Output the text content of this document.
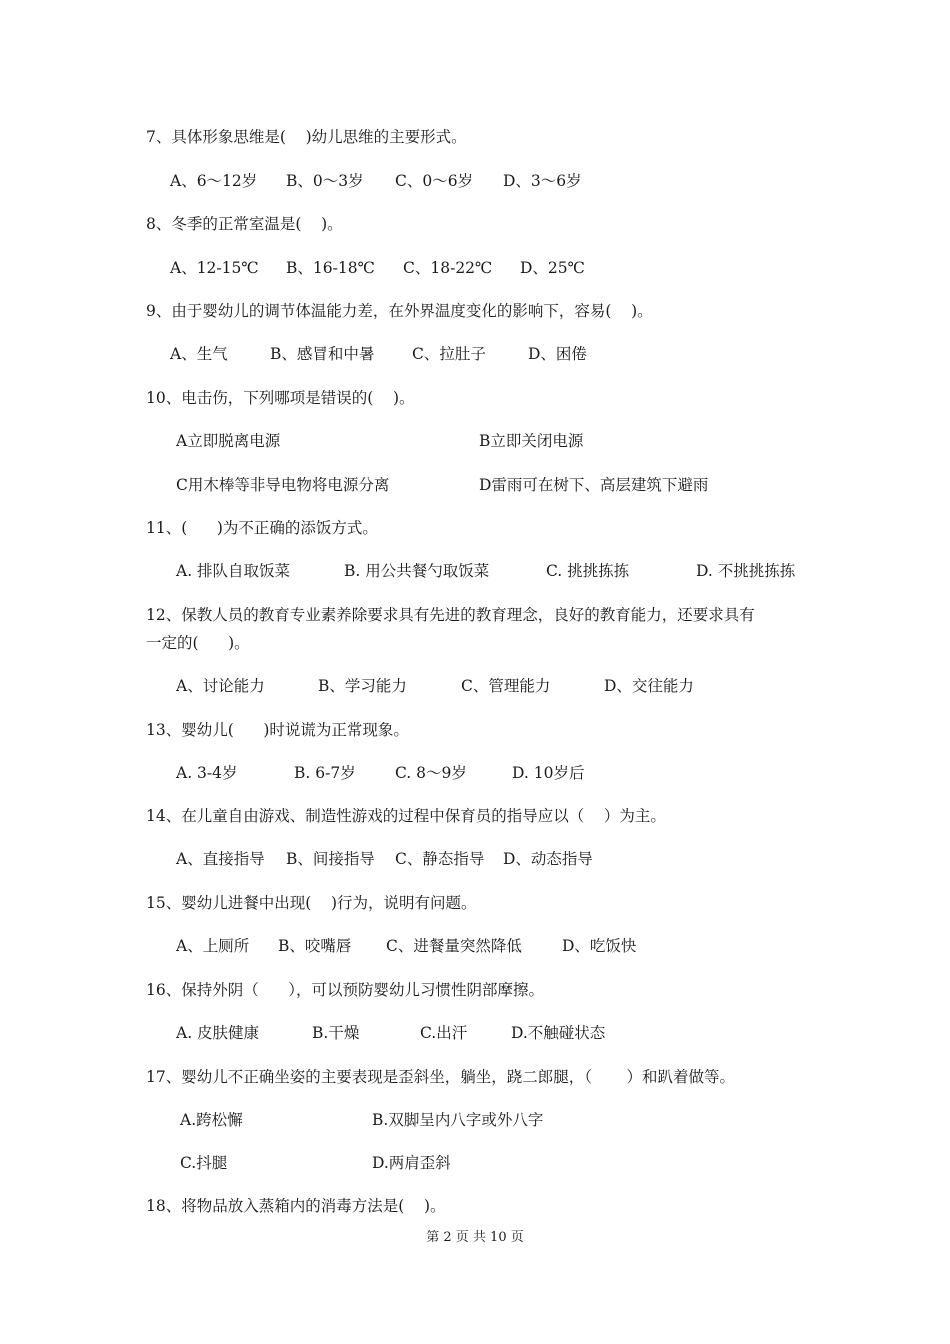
7、具体形象思维是(    )幼儿思维的主要形式。
A、6～12岁 B、0～3岁 C、0～6岁 D、3～6岁
8、冬季的正常室温是(    )。
A、12-15℃ B、16-18℃ C、18-22℃ D、25℃
9、由于婴幼儿的调节体温能力差，在外界温度变化的影响下，容易(    )。
A、生气	B、感冒和中暑 C、拉肚子	D、困倦
10、电击伤，下列哪项是错误的(    )。
A立即脱离电源	B立即关闭电源
C用木棒等非导电物将电源分离	D雷雨可在树下、高层建筑下避雨
11、(      )为不正确的添饭方式。
A. 排队自取饭菜	B. 用公共餐勺取饭菜	C. 挑挑拣拣	D. 不挑挑拣拣
12、保教人员的教育专业素养除要求具有先进的教育理念，良好的教育能力，还要求具有
一定的(      )。
A、讨论能力	B、学习能力	C、管理能力	D、交往能力
13、婴幼儿(      )时说谎为正常现象。
A. 3-4岁	B. 6-7岁	C. 8～9岁	D. 10岁后
14、在儿童自由游戏、制造性游戏的过程中保育员的指导应以（    ）为主。
A、直接指导 B、间接指导 C、静态指导 D、动态指导
15、婴幼儿进餐中出现(    )行为，说明有问题。
A、上厕所 B、咬嘴唇 C、进餐量突然降低	D、吃饭快
16、保持外阴（      ），可以预防婴幼儿习惯性阴部摩擦。
A. 皮肤健康	B.干燥	C.出汗	D.不触碰状态
17、婴幼儿不正确坐姿的主要表现是歪斜坐，躺坐，跷二郎腿，（       ）和趴着做等。
A.跨松懈	B.双脚呈内八字或外八字
C.抖腿	D.两肩歪斜
18、将物品放入蒸箱内的消毒方法是(    )。
第 2 页 共 10 页
